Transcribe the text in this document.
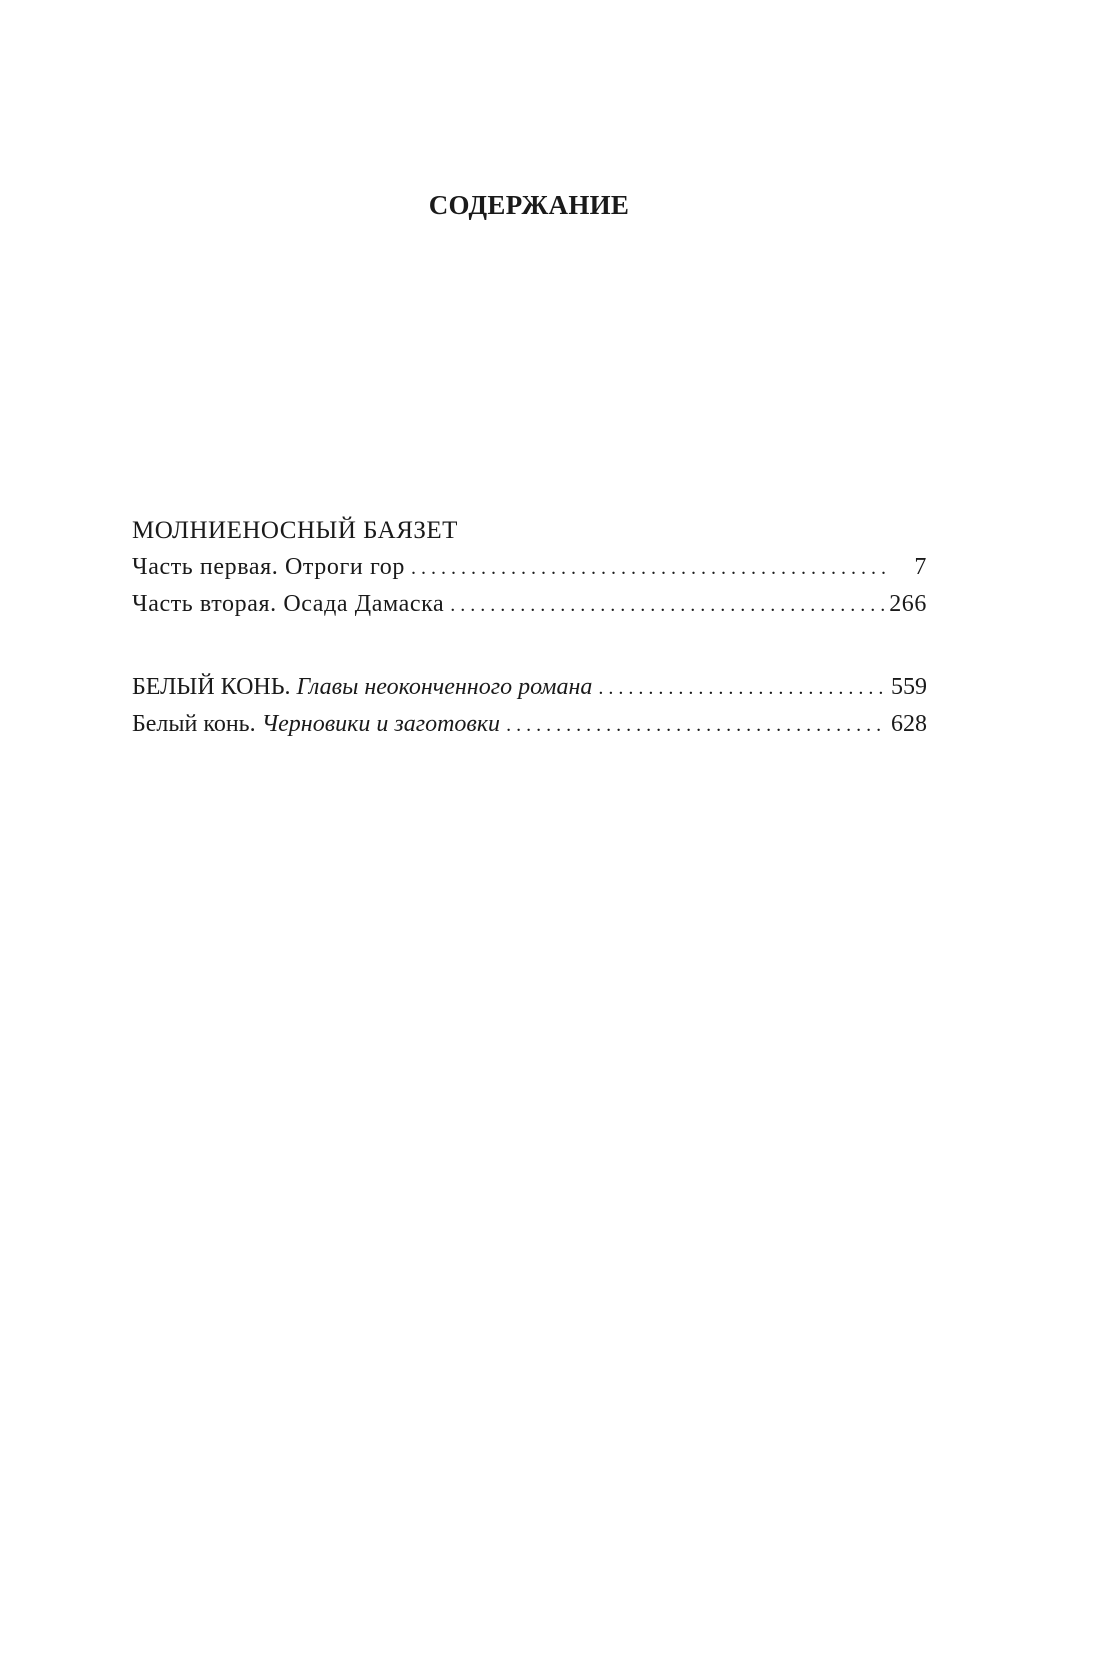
СОДЕРЖАНИЕ
МОЛНИЕНОСНЫЙ БАЯЗЕТ
Часть первая. Отроги гор . . .	7
Часть вторая. Осада Дамаска . . .	266
БЕЛЫЙ КОНЬ. Главы неоконченного романа . . .	559
Белый конь. Черновики и заготовки . . .	628
